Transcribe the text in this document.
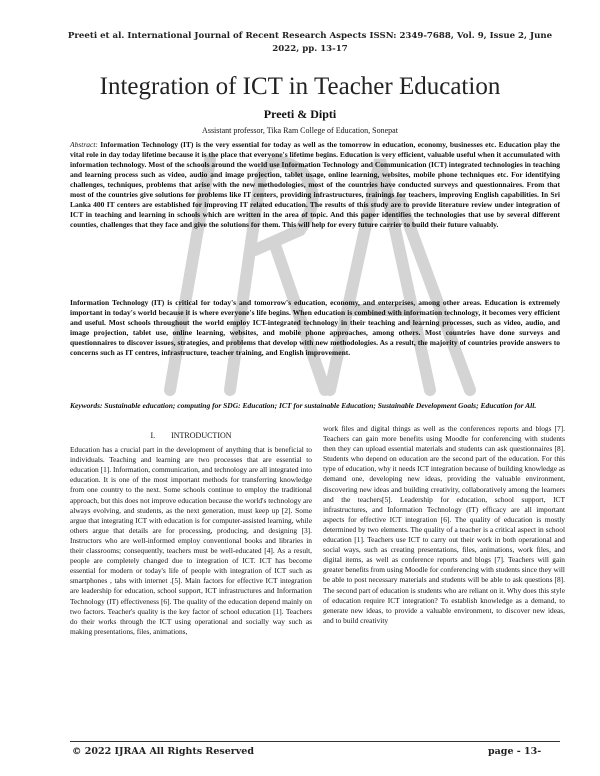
Preeti et al. International Journal of Recent Research Aspects ISSN: 2349-7688, Vol. 9, Issue 2, June 2022, pp. 13-17
Integration of ICT in Teacher Education
Preeti & Dipti
Assistant professor, Tika Ram College of Education, Sonepat
Abstract: Information Technology (IT) is the very essential for today as well as the tomorrow in education, economy, businesses etc. Education play the vital role in day today lifetime because it is the place that everyone's lifetime begins. Education is very efficient, valuable useful when it accumulated with information technology. Most of the schools around the world use Information Technology and Communication (ICT) integrated technologies in teaching and learning process such as video, audio and image projection, tablet usage, online learning, websites, mobile phone techniques etc. For identifying challenges, techniques, problems that arise with the new methodologies, most of the countries have conducted surveys and questionnaires. From that most of the countries give solutions for problems like IT centers, providing infrastructures, trainings for teachers, improving English capabilities. In Sri Lanka 400 IT centers are established for improving IT related education. The results of this study are to provide literature review under integration of ICT in teaching and learning in schools which are written in the area of topic. And this paper identifies the technologies that use by several different counties, challenges that they face and give the solutions for them. This will help for every future carrier to build their future valuably.
Information Technology (IT) is critical for today's and tomorrow's education, economy, and enterprises, among other areas. Education is extremely important in today's world because it is where everyone's life begins. When education is combined with information technology, it becomes very efficient and useful. Most schools throughout the world employ ICT-integrated technology in their teaching and learning processes, such as video, audio, and image projection, tablet use, online learning, websites, and mobile phone approaches, among others. Most countries have done surveys and questionnaires to discover issues, strategies, and problems that develop with new methodologies. As a result, the majority of countries provide answers to concerns such as IT centres, infrastructure, teacher training, and English improvement.
Keywords: Sustainable education; computing for SDG: Education; ICT for sustainable Education; Sustainable Development Goals; Education for All.
I.  INTRODUCTION

Education has a crucial part in the development of anything that is beneficial to individuals. Teaching and learning are two processes that are essential to education [1]. Information, communication, and technology are all integrated into education. It is one of the most important methods for transferring knowledge from one country to the next. Some schools continue to employ the traditional approach, but this does not improve education because the world's technology are always evolving, and students, as the next generation, must keep up [2]. Some argue that integrating ICT with education is for computer-assisted learning, while others argue that details are for processing, producing, and designing [3]. Instructors who are well-informed employ conventional books and libraries in their classrooms; consequently, teachers must be well-educated [4]. As a result, people are completely changed due to integration of ICT. ICT has become essential for modern or today's life of people with integration of ICT such as smartphones , tabs with internet .[5]. Main factors for effective ICT integration are leadership for education, school support, ICT infrastructures and Information Technology (IT) effectiveness [6]. The quality of the education depend mainly on two factors. Teacher's quality is the key factor of school education [1]. Teachers do their works through the ICT using operational and socially way such as making presentations, files, animations,

work files and digital things as well as the conferences reports and blogs [7]. Teachers can gain more benefits using Moodle for conferencing with students then they can upload essential materials and students can ask questionnaires [8]. Students who depend on education are the second part of the education. For this type of education, why it needs ICT integration because of building knowledge as demand one, developing new ideas, providing the valuable environment, discovering new ideas and building creativity, collaboratively among the learners and the teachers[5]. Leadership for education, school support, ICT infrastructures, and Information Technology (IT) efficacy are all important aspects for effective ICT integration [6]. The quality of education is mostly determined by two elements. The quality of a teacher is a critical aspect in school education [1]. Teachers use ICT to carry out their work in both operational and social ways, such as creating presentations, files, animations, work files, and digital items, as well as conference reports and blogs [7]. Teachers will gain greater benefits from using Moodle for conferencing with students since they will be able to post necessary materials and students will be able to ask questions [8]. The second part of education is students who are reliant on it. Why does this style of education require ICT integration? To establish knowledge as a demand, to generate new ideas, to provide a valuable environment, to discover new ideas, and to build creativity

© 2022 IJRAA All Rights Reserved	page - 13-
